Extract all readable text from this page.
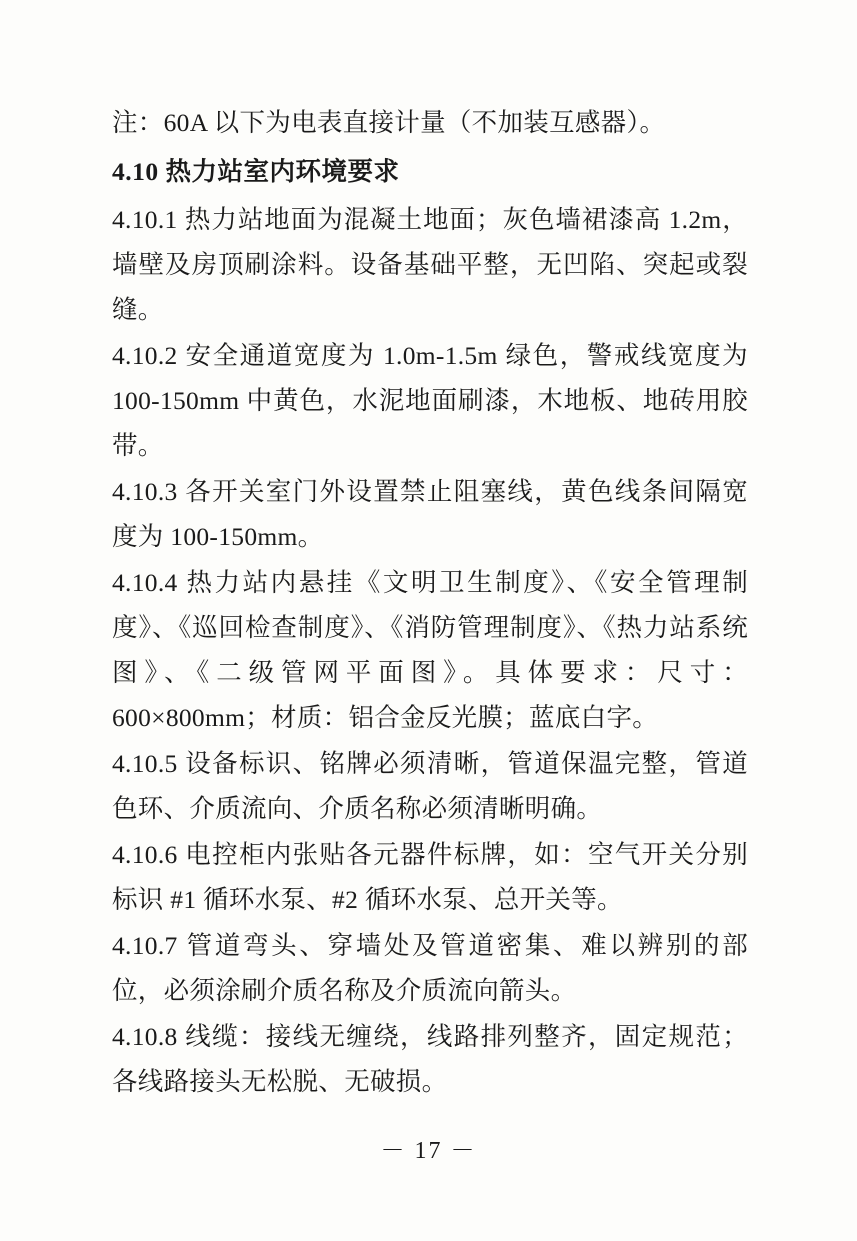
注：60A 以下为电表直接计量（不加装互感器）。

4.10 热力站室内环境要求

4.10.1 热力站地面为混凝土地面；灰色墙裙漆高 1.2m，墙壁及房顶刷涂料。设备基础平整，无凹陷、突起或裂缝。

4.10.2 安全通道宽度为 1.0m-1.5m 绿色，警戒线宽度为 100-150mm 中黄色，水泥地面刷漆，木地板、地砖用胶带。

4.10.3 各开关室门外设置禁止阻塞线，黄色线条间隔宽度为 100-150mm。

4.10.4 热力站内悬挂《文明卫生制度》、《安全管理制度》、《巡回检查制度》、《消防管理制度》、《热力站系统图》、《二级管网平面图》。具体要求：尺寸：600×800mm；材质：铝合金反光膜；蓝底白字。

4.10.5 设备标识、铭牌必须清晰，管道保温完整，管道色环、介质流向、介质名称必须清晰明确。

4.10.6 电控柜内张贴各元器件标牌，如：空气开关分别标识 #1 循环水泵、#2 循环水泵、总开关等。

4.10.7 管道弯头、穿墙处及管道密集、难以辨别的部位，必须涂刷介质名称及介质流向箭头。

4.10.8 线缆：接线无缠绕，线路排列整齐，固定规范；各线路接头无松脱、无破损。

－ 17 －
